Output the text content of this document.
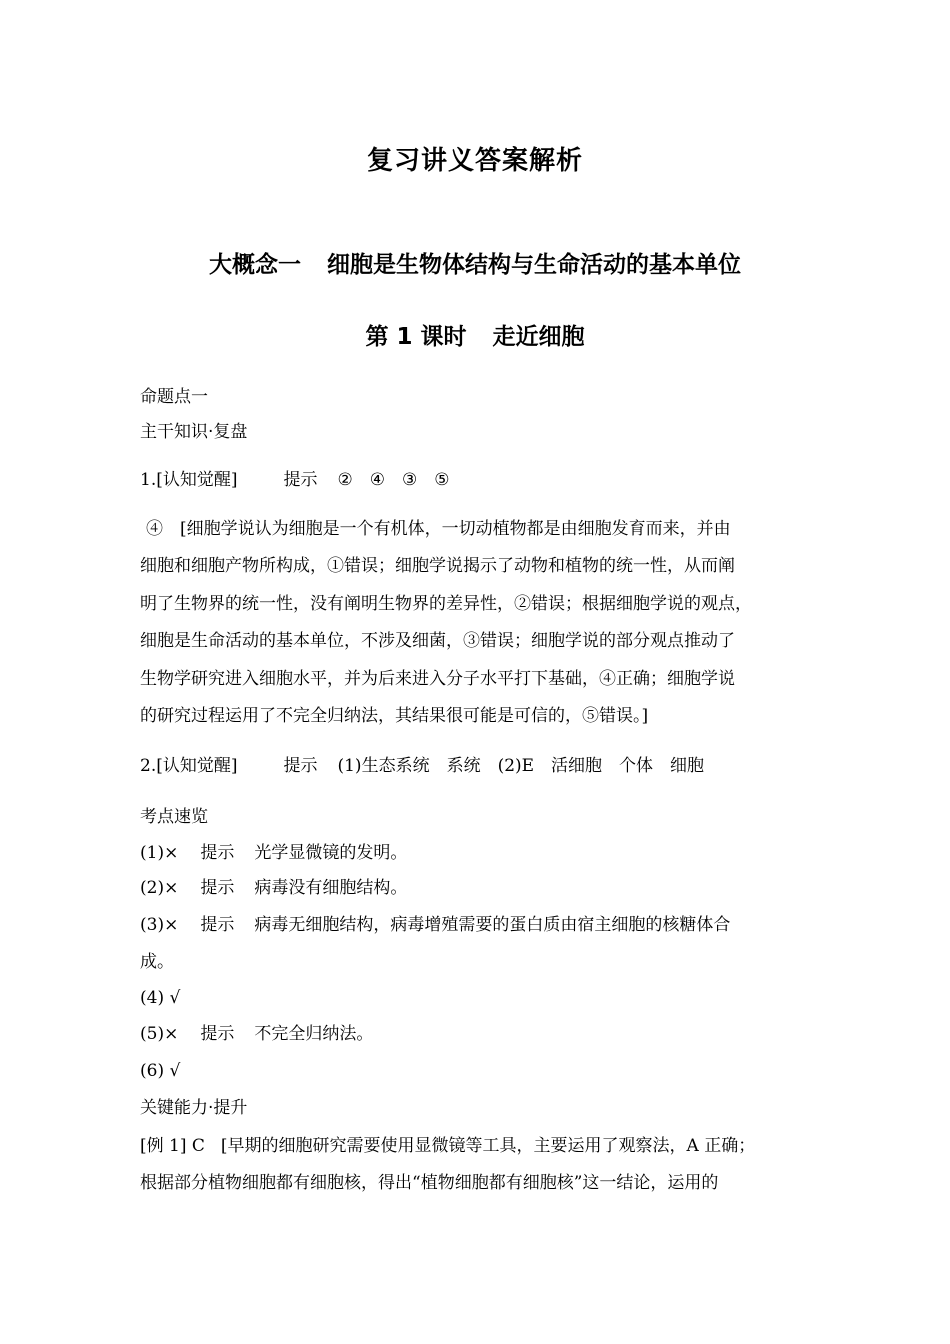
复习讲义答案解析
大概念一 细胞是生物体结构与生命活动的基本单位
第 1 课时 走近细胞
命题点一
主干知识·复盘
1.[认知觉醒]	提示 ②　④　③　⑤
④　[细胞学说认为细胞是一个有机体，一切动植物都是由细胞发育而来，并由
细胞和细胞产物所构成，①错误；细胞学说揭示了动物和植物的统一性，从而阐
明了生物界的统一性，没有阐明生物界的差异性，②错误；根据细胞学说的观点，
细胞是生命活动的基本单位，不涉及细菌，③错误；细胞学说的部分观点推动了
生物学研究进入细胞水平，并为后来进入分子水平打下基础，④正确；细胞学说
的研究过程运用了不完全归纳法，其结果很可能是可信的，⑤错误。]
2.[认知觉醒]	提示 (1)生态系统　系统　(2)E　活细胞　个体　细胞
考点速览
(1)× 提示 光学显微镜的发明。
(2)× 提示 病毒没有细胞结构。
(3)× 提示 病毒无细胞结构，病毒增殖需要的蛋白质由宿主细胞的核糖体合
成。
(4) √
(5)× 提示 不完全归纳法。
(6) √
关键能力·提升
[例 1] C [早期的细胞研究需要使用显微镜等工具，主要运用了观察法，A 正确；
根据部分植物细胞都有细胞核，得出“植物细胞都有细胞核”这一结论，运用的
